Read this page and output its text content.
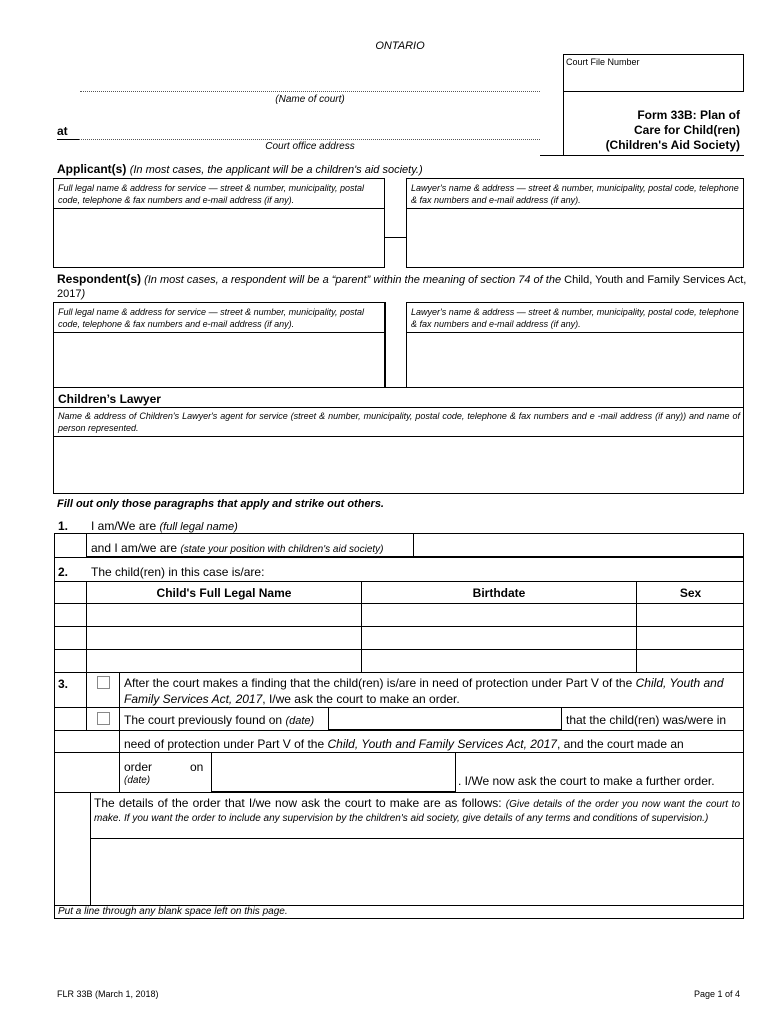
ONTARIO
Court File Number
(Name of court)
at
Court office address
Form 33B: Plan of
Care for Child(ren)
(Children's Aid Society)
Applicant(s) (In most cases, the applicant will be a children's aid society.)
Full legal name & address for service — street & number, municipality, postal code, telephone & fax numbers and e-mail address (if any).
Lawyer's name & address — street & number, municipality, postal code, telephone & fax numbers and e-mail address (if any).
Respondent(s) (In most cases, a respondent will be a “parent” within the meaning of section 74 of the Child, Youth and Family Services Act, 2017)
Full legal name & address for service — street & number, municipality, postal code, telephone & fax numbers and e-mail address (if any).
Lawyer's name & address — street & number, municipality, postal code, telephone & fax numbers and e-mail address (if any).
Children’s Lawyer
Name & address of Children's Lawyer's agent for service (street & number, municipality, postal code, telephone & fax numbers and e -mail address (if any)) and name of person represented.
Fill out only those paragraphs that apply and strike out others.
1. I am/We are (full legal name)
and I am/we are (state your position with children's aid society)
2. The child(ren) in this case is/are:
Child's Full Legal Name	Birthdate	Sex
3.	After the court makes a finding that the child(ren) is/are in need of protection under Part V of the Child, Youth and Family Services Act, 2017, I/we ask the court to make an order.
The court previously found on (date)	that the child(ren) was/were in
need of protection under Part V of the Child, Youth and Family Services Act, 2017, and the court made an
order	on
(date)	. I/We now ask the court to make a further order.
The details of the order that I/we now ask the court to make are as follows: (Give details of the order you now want the court to make. If you want the order to include any supervision by the children's aid society, give details of any terms and conditions of supervision.)
Put a line through any blank space left on this page.
FLR 33B (March 1, 2018)	Page 1 of 4
